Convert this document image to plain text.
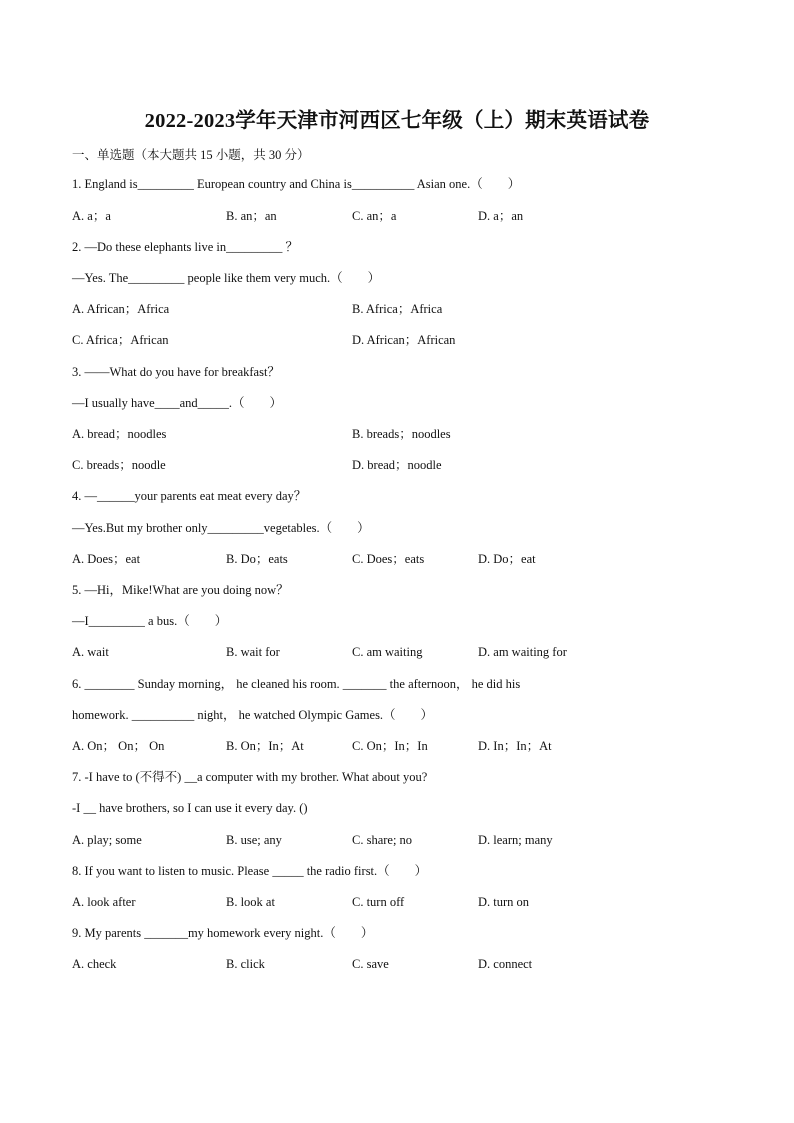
2022-2023学年天津市河西区七年级（上）期末英语试卷
一、单选题（本大题共 15 小题，共 30 分）
1. England is_________ European country and China is__________ Asian one.（　　）
A. a；a	B. an；an	C. an；a	D. a；an
2. —Do these elephants live in_________ ？
—Yes. The_________ people like them very much.（　　）
A. African；Africa	B. Africa；Africa
C. Africa；African	D. African；African
3. ——What do you have for breakfast？
—I usually have____and_____.（　　）
A. bread；noodles	B. breads；noodles
C. breads；noodle	D. bread；noodle
4. —______your parents eat meat every day？
—Yes.But my brother only_________vegetables.（　　）
A. Does；eat	B. Do；eats	C. Does；eats	D. Do；eat
5. —Hi，Mike!What are you doing now？
—I_________ a bus.（　　）
A. wait	B. wait for	C. am waiting	D. am waiting for
6. ________ Sunday morning， he cleaned his room. _______ the afternoon， he did his
homework. __________ night， he watched Olympic Games.（　　）
A. On； On； On	B. On；In；At	C. On；In；In	D. In；In；At
7. -I have to (不得不) __a computer with my brother. What about you?
-I __ have brothers, so I can use it every day. ()
A. play; some	B. use; any	C. share; no	D. learn; many
8. If you want to listen to music. Please _____ the radio first.（　　）
A. look after	B. look at	C. turn off	D. turn on
9. My parents _______my homework every night.（　　）
A. check	B. click	C. save	D. connect
